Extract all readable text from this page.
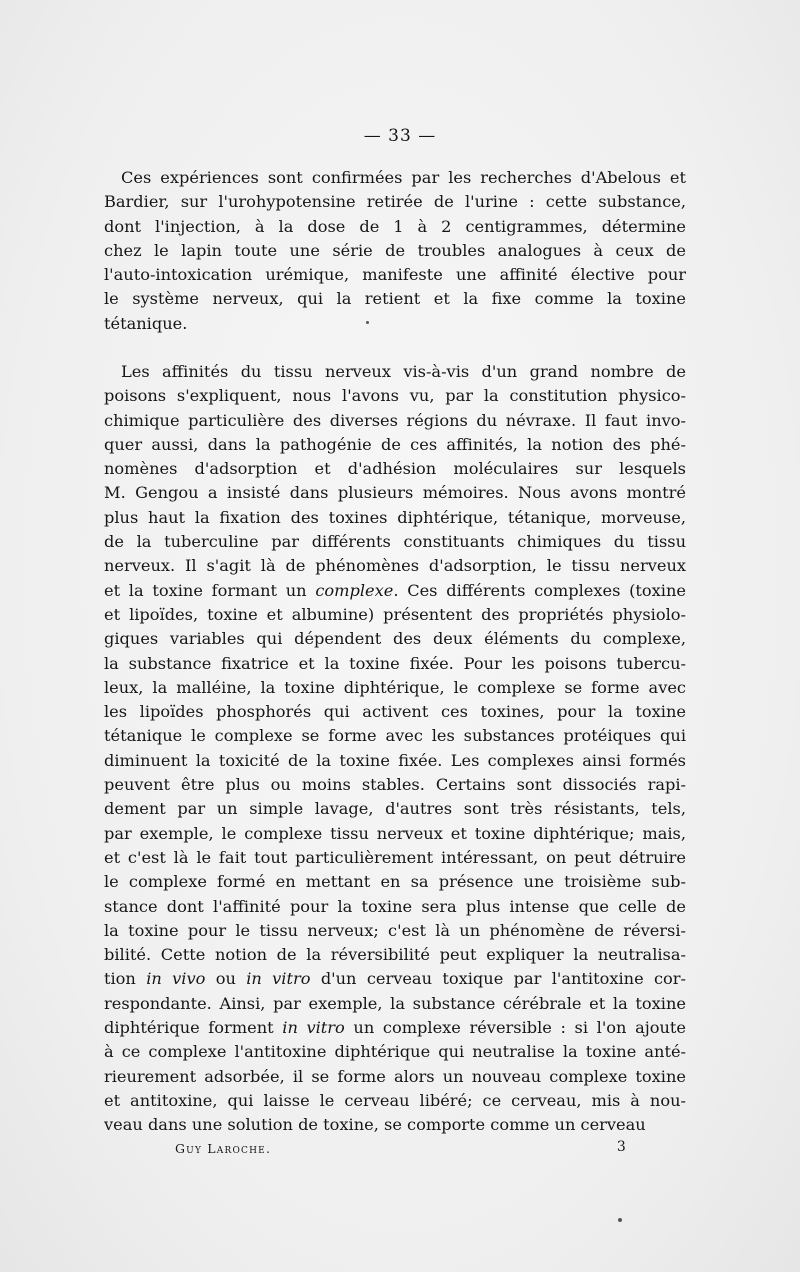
— 33 —
Ces expériences sont confirmées par les recherches d'Abelous et
Bardier, sur l'urohypotensine retirée de l'urine : cette substance,
dont l'injection, à la dose de 1 à 2 centigrammes, détermine
chez le lapin toute une série de troubles analogues à ceux de
l'auto-intoxication urémique, manifeste une affinité élective pour
le système nerveux, qui la retient et la fixe comme la toxine
tétanique.
Les affinités du tissu nerveux vis-à-vis d'un grand nombre de
poisons s'expliquent, nous l'avons vu, par la constitution physico-
chimique particulière des diverses régions du névraxe. Il faut invo-
quer aussi, dans la pathogénie de ces affinités, la notion des phé-
nomènes d'adsorption et d'adhésion moléculaires sur lesquels
M. Gengou a insisté dans plusieurs mémoires. Nous avons montré
plus haut la fixation des toxines diphtérique, tétanique, morveuse,
de la tuberculine par différents constituants chimiques du tissu
nerveux. Il s'agit là de phénomènes d'adsorption, le tissu nerveux
et la toxine formant un complexe. Ces différents complexes (toxine
et lipoïdes, toxine et albumine) présentent des propriétés physiolo-
giques variables qui dépendent des deux éléments du complexe,
la substance fixatrice et la toxine fixée. Pour les poisons tubercu-
leux, la malléine, la toxine diphtérique, le complexe se forme avec
les lipoïdes phosphorés qui activent ces toxines, pour la toxine
tétanique le complexe se forme avec les substances protéiques qui
diminuent la toxicité de la toxine fixée. Les complexes ainsi formés
peuvent être plus ou moins stables. Certains sont dissociés rapi-
dement par un simple lavage, d'autres sont très résistants, tels,
par exemple, le complexe tissu nerveux et toxine diphtérique; mais,
et c'est là le fait tout particulièrement intéressant, on peut détruire
le complexe formé en mettant en sa présence une troisième sub-
stance dont l'affinité pour la toxine sera plus intense que celle de
la toxine pour le tissu nerveux; c'est là un phénomène de réversi-
bilité. Cette notion de la réversibilité peut expliquer la neutralisa-
tion in vivo ou in vitro d'un cerveau toxique par l'antitoxine cor-
respondante. Ainsi, par exemple, la substance cérébrale et la toxine
diphtérique forment in vitro un complexe réversible : si l'on ajoute
à ce complexe l'antitoxine diphtérique qui neutralise la toxine anté-
rieurement adsorbée, il se forme alors un nouveau complexe toxine
et antitoxine, qui laisse le cerveau libéré; ce cerveau, mis à nou-
veau dans une solution de toxine, se comporte comme un cerveau
Guy Laroche.	3
